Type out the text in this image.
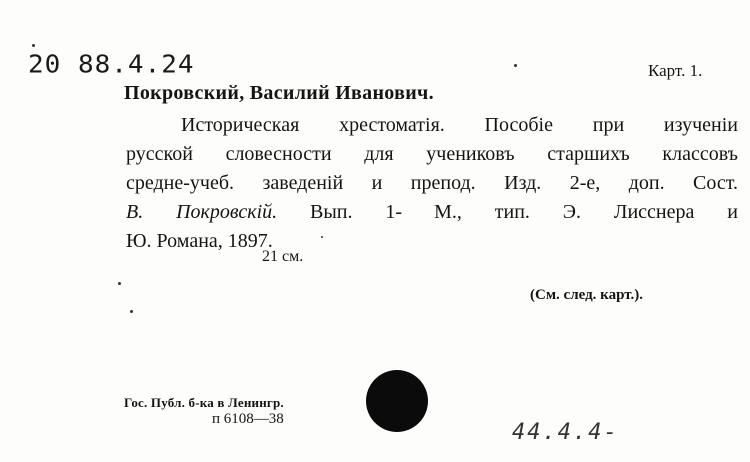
20 88.4.24	Карт. 1.
Покровский, Василий Иванович.
Историческая хрестоматія. Пособіе при изученіи
русской словесности для учениковъ старшихъ классовъ
средне-учеб. заведеній и препод. Изд. 2-е, доп. Сост.
В. Покровскій. Вып. 1- М., тип. Э. Лисснера и
Ю. Романа, 1897.
21 см.
(См. след. карт.).
Гос. Публ. б-ка в Ленингр.
п 6108—38
44.4.4-
